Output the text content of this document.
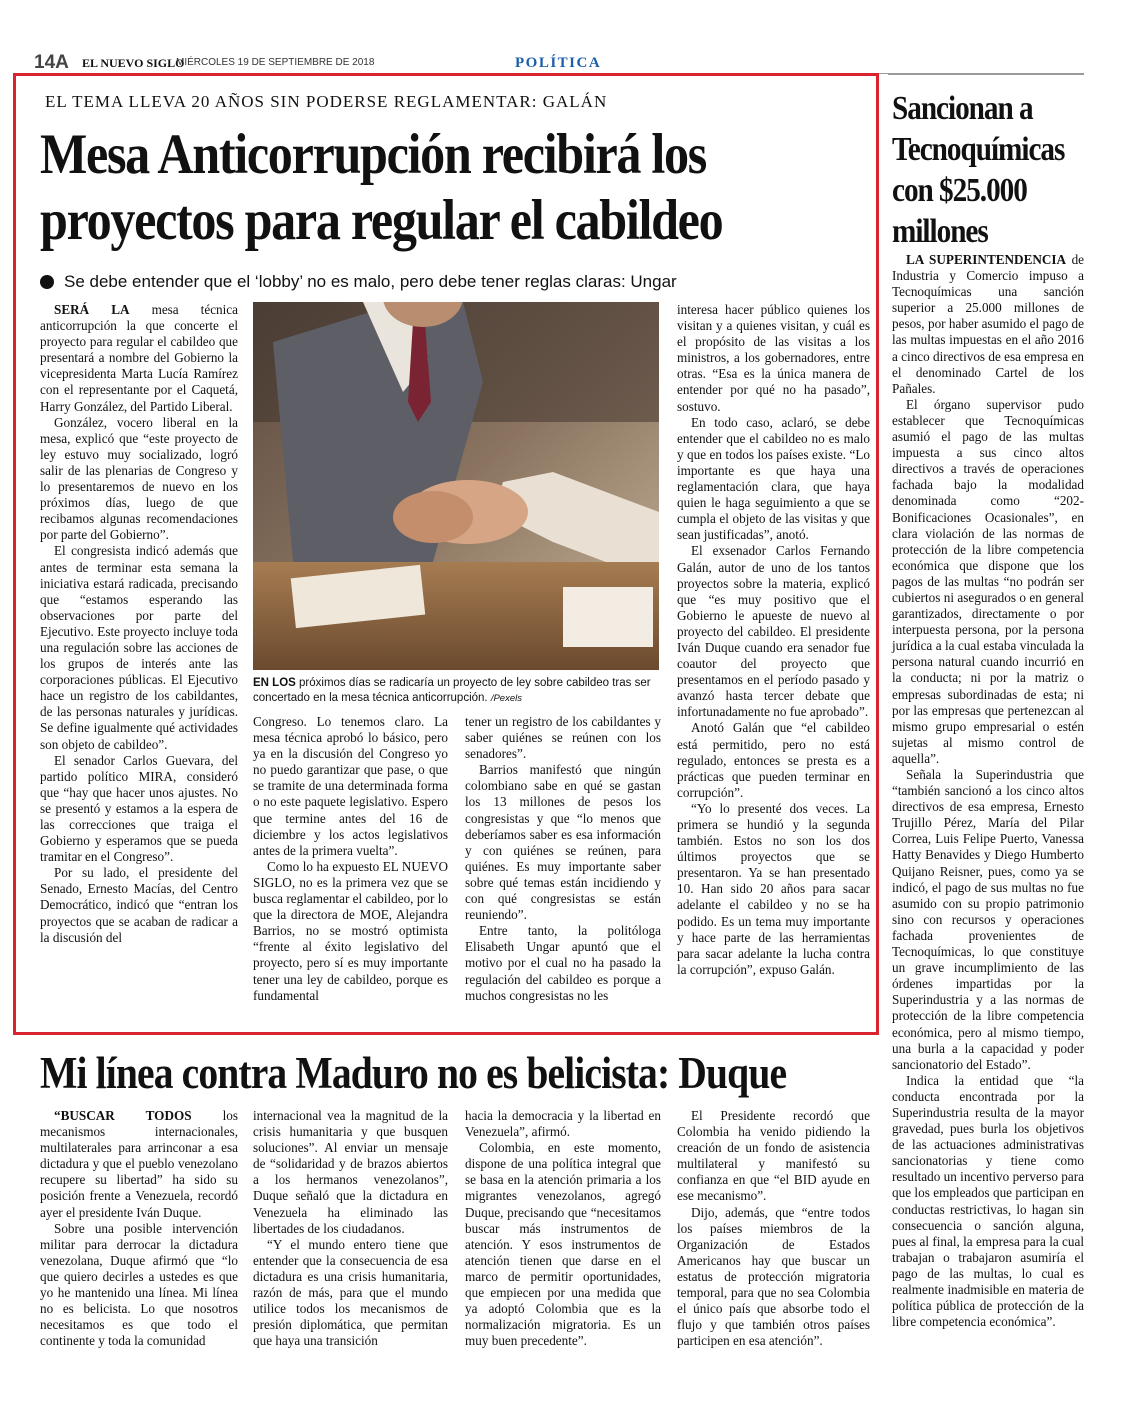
14A EL NUEVO SIGLO
MIÉRCOLES 19 DE SEPTIEMBRE DE 2018	POLÍTICA
EL TEMA LLEVA 20 AÑOS SIN PODERSE REGLAMENTAR: GALÁN
Mesa Anticorrupción recibirá los proyectos para regular el cabildeo
Se debe entender que el ‘lobby’ no es malo, pero debe tener reglas claras: Ungar

SERÁ LA mesa técnica anticorrupción la que concerte el proyecto para regular el cabildeo que presentará a nombre del Gobierno la vicepresidenta Marta Lucía Ramírez con el representante por el Caquetá, Harry González, del Partido Liberal.

González, vocero liberal en la mesa, explicó que “este proyecto de ley estuvo muy socializado, logró salir de las plenarias de Congreso y lo presentaremos de nuevo en los próximos días, luego de que recibamos algunas recomendaciones por parte del Gobierno”.

El congresista indicó además que antes de terminar esta semana la iniciativa estará radicada, precisando que “estamos esperando las observaciones por parte del Ejecutivo. Este proyecto incluye toda una regulación sobre las acciones de los grupos de interés ante las corporaciones públicas. El Ejecutivo hace un registro de los cabildantes, de las personas naturales y jurídicas. Se define igualmente qué actividades son objeto de cabildeo”.

El senador Carlos Guevara, del partido político MIRA, consideró que “hay que hacer unos ajustes. No se presentó y estamos a la espera de las correcciones que traiga el Gobierno y esperamos que se pueda tramitar en el Congreso”.

Por su lado, el presidente del Senado, Ernesto Macías, del Centro Democrático, indicó que “entran los proyectos que se acaban de radicar a la discusión del

EN LOS próximos días se radicaría un proyecto de ley sobre cabildeo tras ser concertado en la mesa técnica anticorrupción. /Pexels

Congreso. Lo tenemos claro. La mesa técnica aprobó lo básico, pero ya en la discusión del Congreso yo no puedo garantizar que pase, o que se tramite de una determinada forma o no este paquete legislativo. Espero que termine antes del 16 de diciembre y los actos legislativos antes de la primera vuelta”.

Como lo ha expuesto EL NUEVO SIGLO, no es la primera vez que se busca reglamentar el cabildeo, por lo que la directora de MOE, Alejandra Barrios, no se mostró optimista “frente al éxito legislativo del proyecto, pero sí es muy importante tener una ley de cabildeo, porque es fundamental

tener un registro de los cabildantes y saber quiénes se reúnen con los senadores”.

Barrios manifestó que ningún colombiano sabe en qué se gastan los 13 millones de pesos los congresistas y que “lo menos que deberíamos saber es esa información y con quiénes se reúnen, para quiénes. Es muy importante saber sobre qué temas están incidiendo y con qué congresistas se están reuniendo”.

Entre tanto, la politóloga Elisabeth Ungar apuntó que el motivo por el cual no ha pasado la regulación del cabildeo es porque a muchos congresistas no les

interesa hacer público quienes los visitan y a quienes visitan, y cuál es el propósito de las visitas a los ministros, a los gobernadores, entre otras. “Esa es la única manera de entender por qué no ha pasado”, sostuvo.

En todo caso, aclaró, se debe entender que el cabildeo no es malo y que en todos los países existe. “Lo importante es que haya una reglamentación clara, que haya quien le haga seguimiento a que se cumpla el objeto de las visitas y que sean justificadas”, anotó.

El exsenador Carlos Fernando Galán, autor de uno de los tantos proyectos sobre la materia, explicó que “es muy positivo que el Gobierno le apueste de nuevo al proyecto del cabildeo. El presidente Iván Duque cuando era senador fue coautor del proyecto que presentamos en el período pasado y avanzó hasta tercer debate que infortunadamente no fue aprobado”.

Anotó Galán que “el cabildeo está permitido, pero no está regulado, entonces se presta es a prácticas que pueden terminar en corrupción”.

“Yo lo presenté dos veces. La primera se hundió y la segunda también. Estos no son los dos últimos proyectos que se presentaron. Ya se han presentado 10. Han sido 20 años para sacar adelante el cabildeo y no se ha podido. Es un tema muy importante y hace parte de las herramientas para sacar adelante la lucha contra la corrupción”, expuso Galán.

Sancionan a Tecnoquímicas con $25.000 millones

LA SUPERINTENDENCIA de Industria y Comercio impuso a Tecnoquímicas una sanción superior a 25.000 millones de pesos, por haber asumido el pago de las multas impuestas en el año 2016 a cinco directivos de esa empresa en el denominado Cartel de los Pañales.

El órgano supervisor pudo establecer que Tecnoquímicas asumió el pago de las multas impuesta a sus cinco altos directivos a través de operaciones fachada bajo la modalidad denominada como “202- Bonificaciones Ocasionales”, en clara violación de las normas de protección de la libre competencia económica que dispone que los pagos de las multas “no podrán ser cubiertos ni asegurados o en general garantizados, directamente o por interpuesta persona, por la persona jurídica a la cual estaba vinculada la persona natural cuando incurrió en la conducta; ni por la matriz o empresas subordinadas de esta; ni por las empresas que pertenezcan al mismo grupo empresarial o estén sujetas al mismo control de aquella”.

Señala la Superindustria que “también sancionó a los cinco altos directivos de esa empresa, Ernesto Trujillo Pérez, María del Pilar Correa, Luis Felipe Puerto, Vanessa Hatty Benavides y Diego Humberto Quijano Reisner, pues, como ya se indicó, el pago de sus multas no fue asumido con su propio patrimonio sino con recursos y operaciones fachada provenientes de Tecnoquímicas, lo que constituye un grave incumplimiento de las órdenes impartidas por la Superindustria y a las normas de protección de la libre competencia económica, pero al mismo tiempo, una burla a la capacidad y poder sancionatorio del Estado”.

Indica la entidad que “la conducta encontrada por la Superindustria resulta de la mayor gravedad, pues burla los objetivos de las actuaciones administrativas sancionatorias y tiene como resultado un incentivo perverso para que los empleados que participan en conductas restrictivas, lo hagan sin consecuencia o sanción alguna, pues al final, la empresa para la cual trabajan o trabajaron asumiría el pago de las multas, lo cual es realmente inadmisible en materia de política pública de protección de la libre competencia económica”.

Mi línea contra Maduro no es belicista: Duque

“BUSCAR TODOS los mecanismos internacionales, multilaterales para arrinconar a esa dictadura y que el pueblo venezolano recupere su libertad” ha sido su posición frente a Venezuela, recordó ayer el presidente Iván Duque.

Sobre una posible intervención militar para derrocar la dictadura venezolana, Duque afirmó que “lo que quiero decirles a ustedes es que yo he mantenido una línea. Mi línea no es belicista. Lo que nosotros necesitamos es que todo el continente y toda la comunidad

internacional vea la magnitud de la crisis humanitaria y que busquen soluciones”. Al enviar un mensaje de “solidaridad y de brazos abiertos a los hermanos venezolanos”, Duque señaló que la dictadura en Venezuela ha eliminado las libertades de los ciudadanos.

“Y el mundo entero tiene que entender que la consecuencia de esa dictadura es una crisis humanitaria, razón de más, para que el mundo utilice todos los mecanismos de presión diplomática, que permitan que haya una transición

hacia la democracia y la libertad en Venezuela”, afirmó.

Colombia, en este momento, dispone de una política integral que se basa en la atención primaria a los migrantes venezolanos, agregó Duque, precisando que “necesitamos buscar más instrumentos de atención. Y esos instrumentos de atención tienen que darse en el marco de permitir oportunidades, que empiecen por una medida que ya adoptó Colombia que es la normalización migratoria. Es un muy buen precedente”.

El Presidente recordó que Colombia ha venido pidiendo la creación de un fondo de asistencia multilateral y manifestó su confianza en que “el BID ayude en ese mecanismo”.

Dijo, además, que “entre todos los países miembros de la Organización de Estados Americanos hay que buscar un estatus de protección migratoria temporal, para que no sea Colombia el único país que absorbe todo el flujo y que también otros países participen en esa atención”.
